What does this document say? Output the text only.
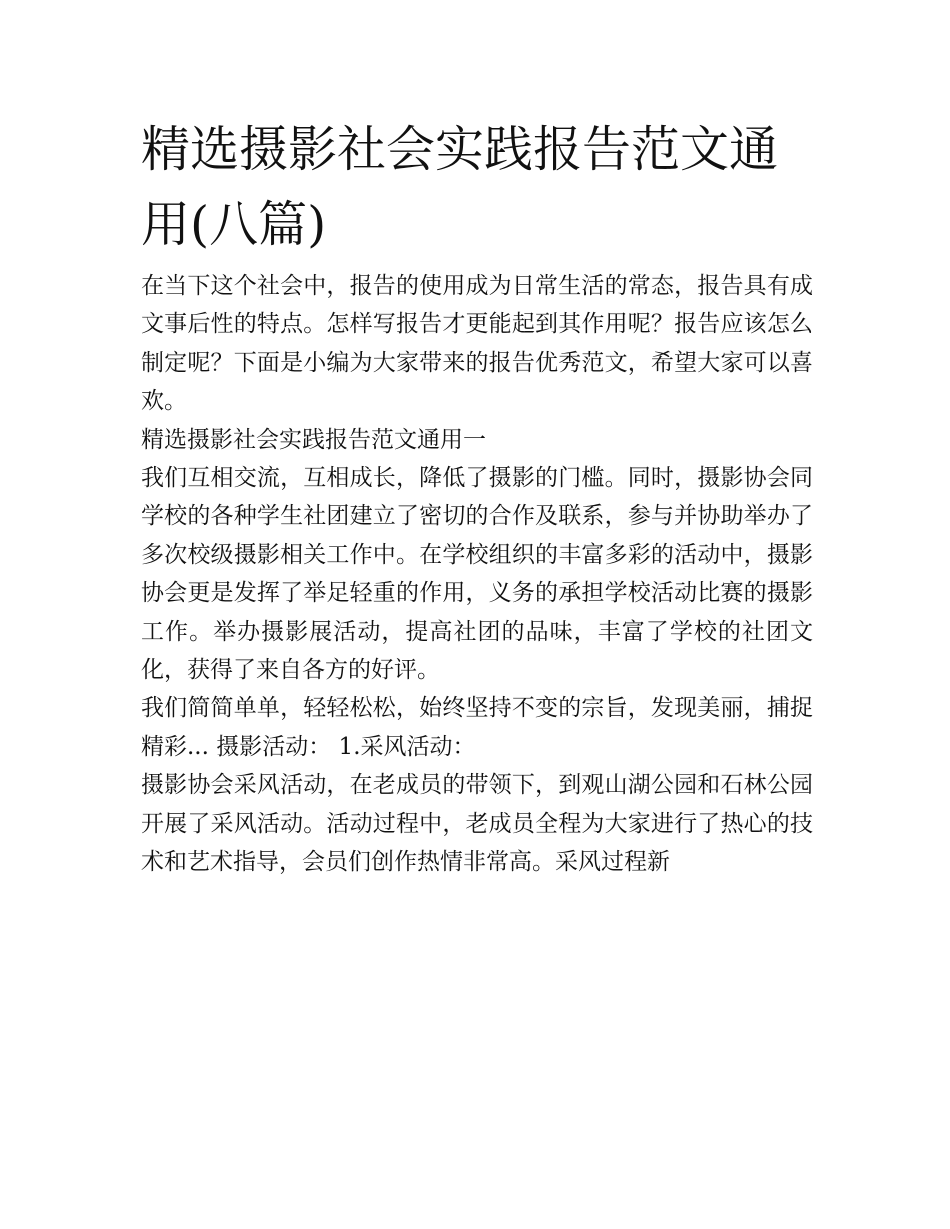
精选摄影社会实践报告范文通用(八篇)

在当下这个社会中，报告的使用成为日常生活的常态，报告具有成文事后性的特点。怎样写报告才更能起到其作用呢？报告应该怎么制定呢？下面是小编为大家带来的报告优秀范文，希望大家可以喜欢。

精选摄影社会实践报告范文通用一

我们互相交流，互相成长，降低了摄影的门槛。同时，摄影协会同学校的各种学生社团建立了密切的合作及联系，参与并协助举办了多次校级摄影相关工作中。在学校组织的丰富多彩的活动中，摄影协会更是发挥了举足轻重的作用，义务的承担学校活动比赛的摄影工作。举办摄影展活动，提高社团的品味，丰富了学校的社团文化，获得了来自各方的好评。

我们简简单单，轻轻松松，始终坚持不变的宗旨，发现美丽，捕捉精彩... 摄影活动： 1.采风活动：

摄影协会采风活动，在老成员的带领下，到观山湖公园和石林公园开展了采风活动。活动过程中，老成员全程为大家进行了热心的技术和艺术指导，会员们创作热情非常高。采风过程新
